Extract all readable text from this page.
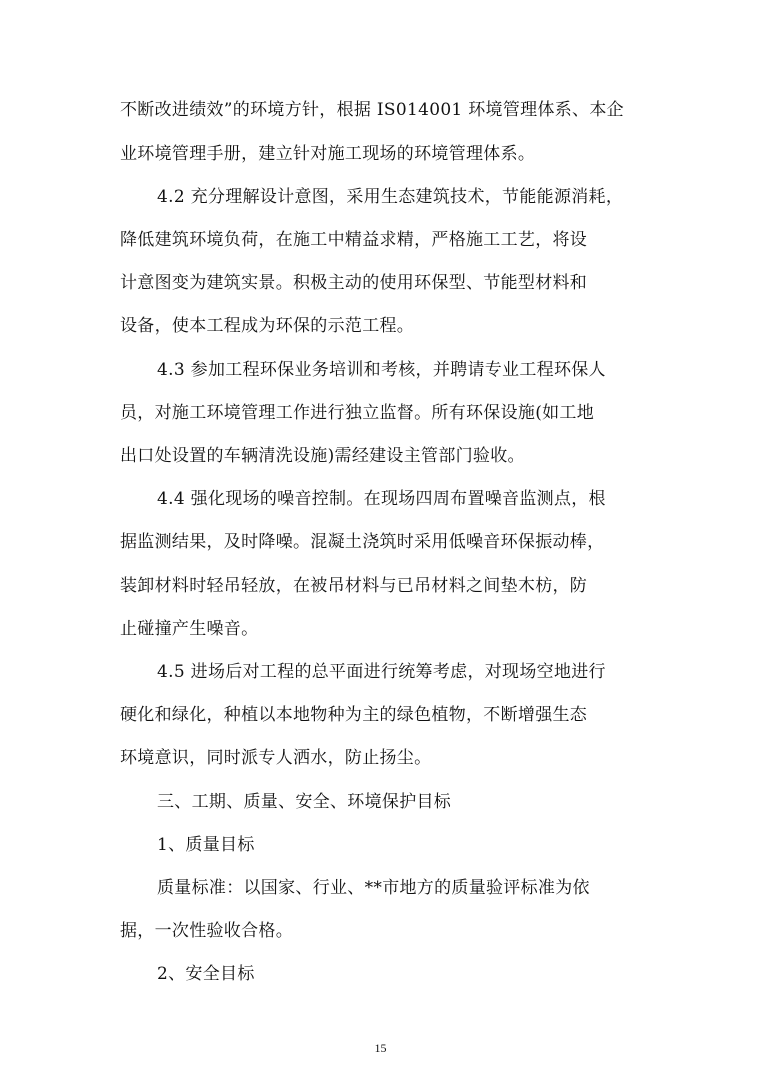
不断改进绩效”的环境方针，根据 IS014001 环境管理体系、本企
业环境管理手册，建立针对施工现场的环境管理体系。
4.2 充分理解设计意图，采用生态建筑技术，节能能源消耗，
降低建筑环境负荷，在施工中精益求精，严格施工工艺，将设
计意图变为建筑实景。积极主动的使用环保型、节能型材料和
设备，使本工程成为环保的示范工程。
4.3 参加工程环保业务培训和考核，并聘请专业工程环保人
员，对施工环境管理工作进行独立监督。所有环保设施(如工地
出口处设置的车辆清洗设施)需经建设主管部门验收。
4.4 强化现场的噪音控制。在现场四周布置噪音监测点，根
据监测结果，及时降噪。混凝土浇筑时采用低噪音环保振动棒，
装卸材料时轻吊轻放，在被吊材料与已吊材料之间垫木枋，防
止碰撞产生噪音。
4.5 进场后对工程的总平面进行统筹考虑，对现场空地进行
硬化和绿化，种植以本地物种为主的绿色植物，不断增强生态
环境意识，同时派专人洒水，防止扬尘。
三、工期、质量、安全、环境保护目标
1、质量目标
质量标准：以国家、行业、**市地方的质量验评标准为依
据，一次性验收合格。
2、安全目标
15
